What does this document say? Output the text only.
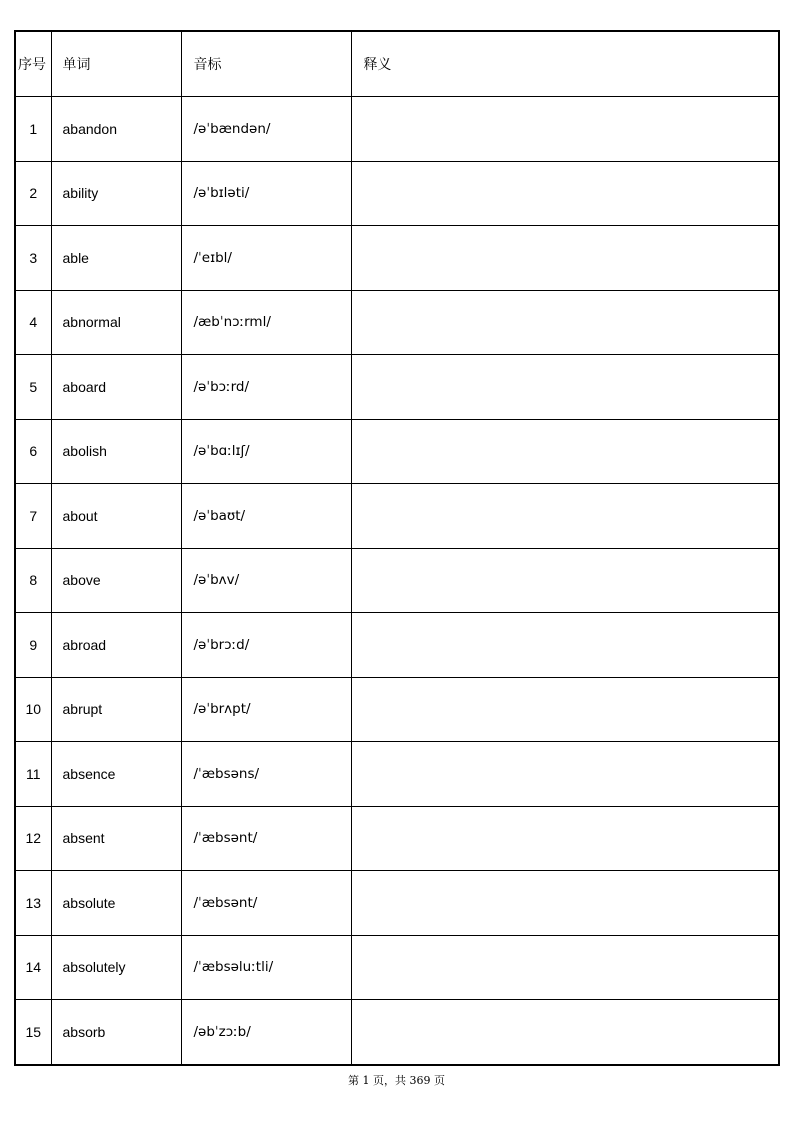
序号	单词	音标	释义
1	abandon	/əˈbændən/	
2	ability	/əˈbɪləti/	
3	able	/ˈeɪbl/	
4	abnormal	/æbˈnɔːrml/	
5	aboard	/əˈbɔːrd/	
6	abolish	/əˈbɑːlɪʃ/	
7	about	/əˈbaʊt/	
8	above	/əˈbʌv/	
9	abroad	/əˈbrɔːd/	
10	abrupt	/əˈbrʌpt/	
11	absence	/ˈæbsəns/	
12	absent	/ˈæbsənt/	
13	absolute	/ˈæbsənt/	
14	absolutely	/ˈæbsəluːtli/	
15	absorb	/əbˈzɔːb/	
第 1 页，共 369 页
